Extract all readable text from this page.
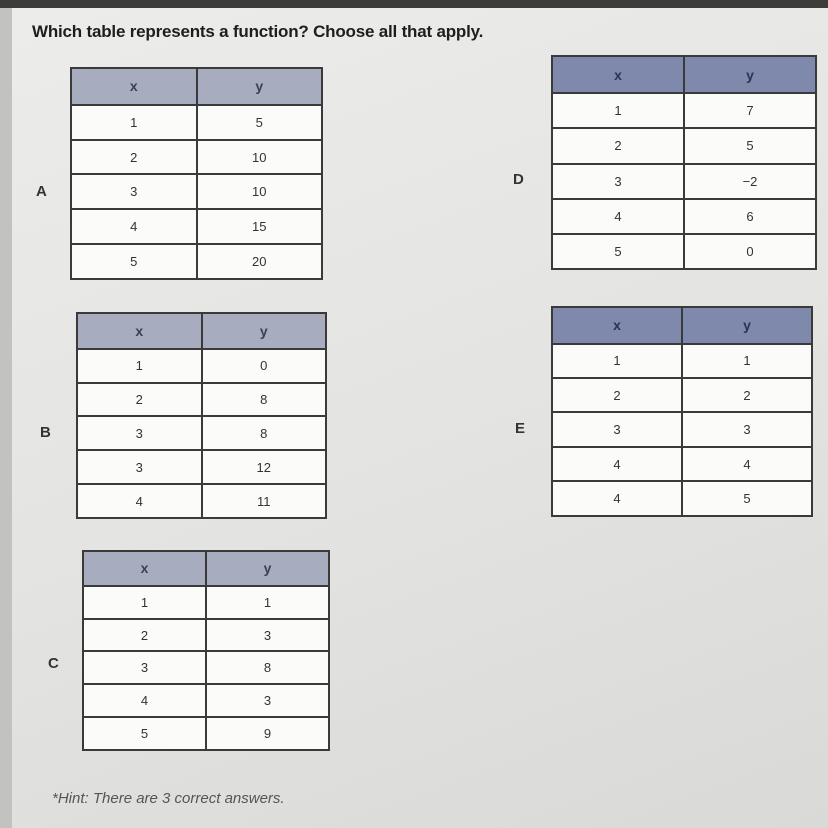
Which table represents a function? Choose all that apply.
A
x	y
1	5
2	10
3	10
4	15
5	20
B
x	y
1	0
2	8
3	8
3	12
4	11
C
x	y
1	1
2	3
3	8
4	3
5	9
D
x	y
1	7
2	5
3	−2
4	6
5	0
E
x	y
1	1
2	2
3	3
4	4
4	5
*Hint: There are 3 correct answers.
